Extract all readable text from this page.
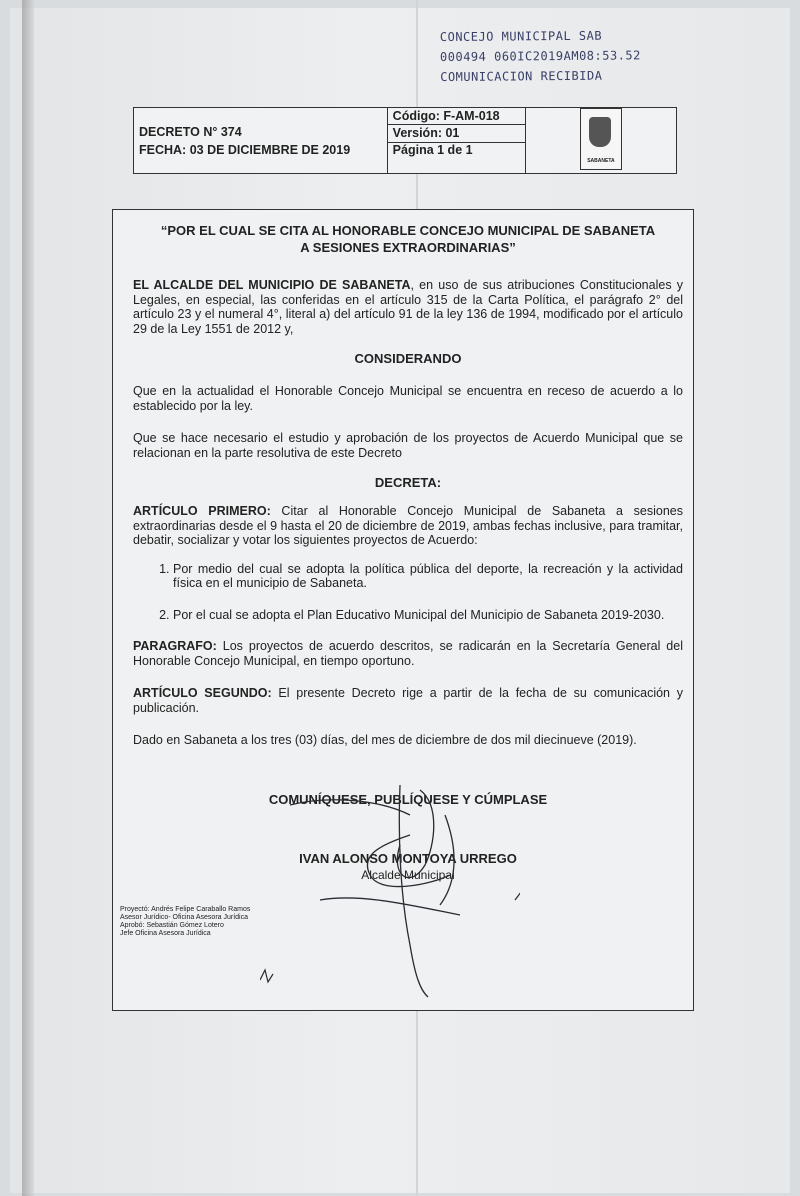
CONCEJO MUNICIPAL SAB
000494 060IC2019AM08:53.52
COMUNICACION RECIBIDA
DECRETO N° 374
FECHA: 03 DE DICIEMBRE DE 2019
	Código: F-AM-018	
SABANETA

Versión: 01
Página 1 de 1
“POR EL CUAL SE CITA AL HONORABLE CONCEJO MUNICIPAL DE SABANETA
A SESIONES EXTRAORDINARIAS”

EL ALCALDE DEL MUNICIPIO DE SABANETA, en uso de sus atribuciones Constitucionales y Legales, en especial, las conferidas en el artículo 315 de la Carta Política, el parágrafo 2° del artículo 23 y el numeral 4°, literal a) del artículo 91 de la ley 136 de 1994, modificado por el artículo 29 de la Ley 1551 de 2012 y,

CONSIDERANDO

Que en la actualidad el Honorable Concejo Municipal se encuentra en receso de acuerdo a lo establecido por la ley.

Que se hace necesario el estudio y aprobación de los proyectos de Acuerdo Municipal que se relacionan en la parte resolutiva de este Decreto

DECRETA:

ARTÍCULO PRIMERO: Citar al Honorable Concejo Municipal de Sabaneta a sesiones extraordinarias desde el 9 hasta el 20 de diciembre de 2019, ambas fechas inclusive, para tramitar, debatir, socializar y votar los siguientes proyectos de Acuerdo:

1. Por medio del cual se adopta la política pública del deporte, la recreación y la actividad física en el municipio de Sabaneta.
2. Por el cual se adopta el Plan Educativo Municipal del Municipio de Sabaneta 2019-2030.

PARAGRAFO: Los proyectos de acuerdo descritos, se radicarán en la Secretaría General del Honorable Concejo Municipal, en tiempo oportuno.

ARTÍCULO SEGUNDO: El presente Decreto rige a partir de la fecha de su comunicación y publicación.

Dado en Sabaneta a los tres (03) días, del mes de diciembre de dos mil diecinueve (2019).

COMUNÍQUESE, PUBLÍQUESE Y CÚMPLASE
IVAN ALONSO MONTOYA URREGO
Alcalde Municipal
Proyectó: Andrés Felipe Caraballo Ramos
Asesor Jurídico- Oficina Asesora Jurídica
Aprobó: Sebastián Gómez Lotero
Jefe Oficina Asesora Jurídica
